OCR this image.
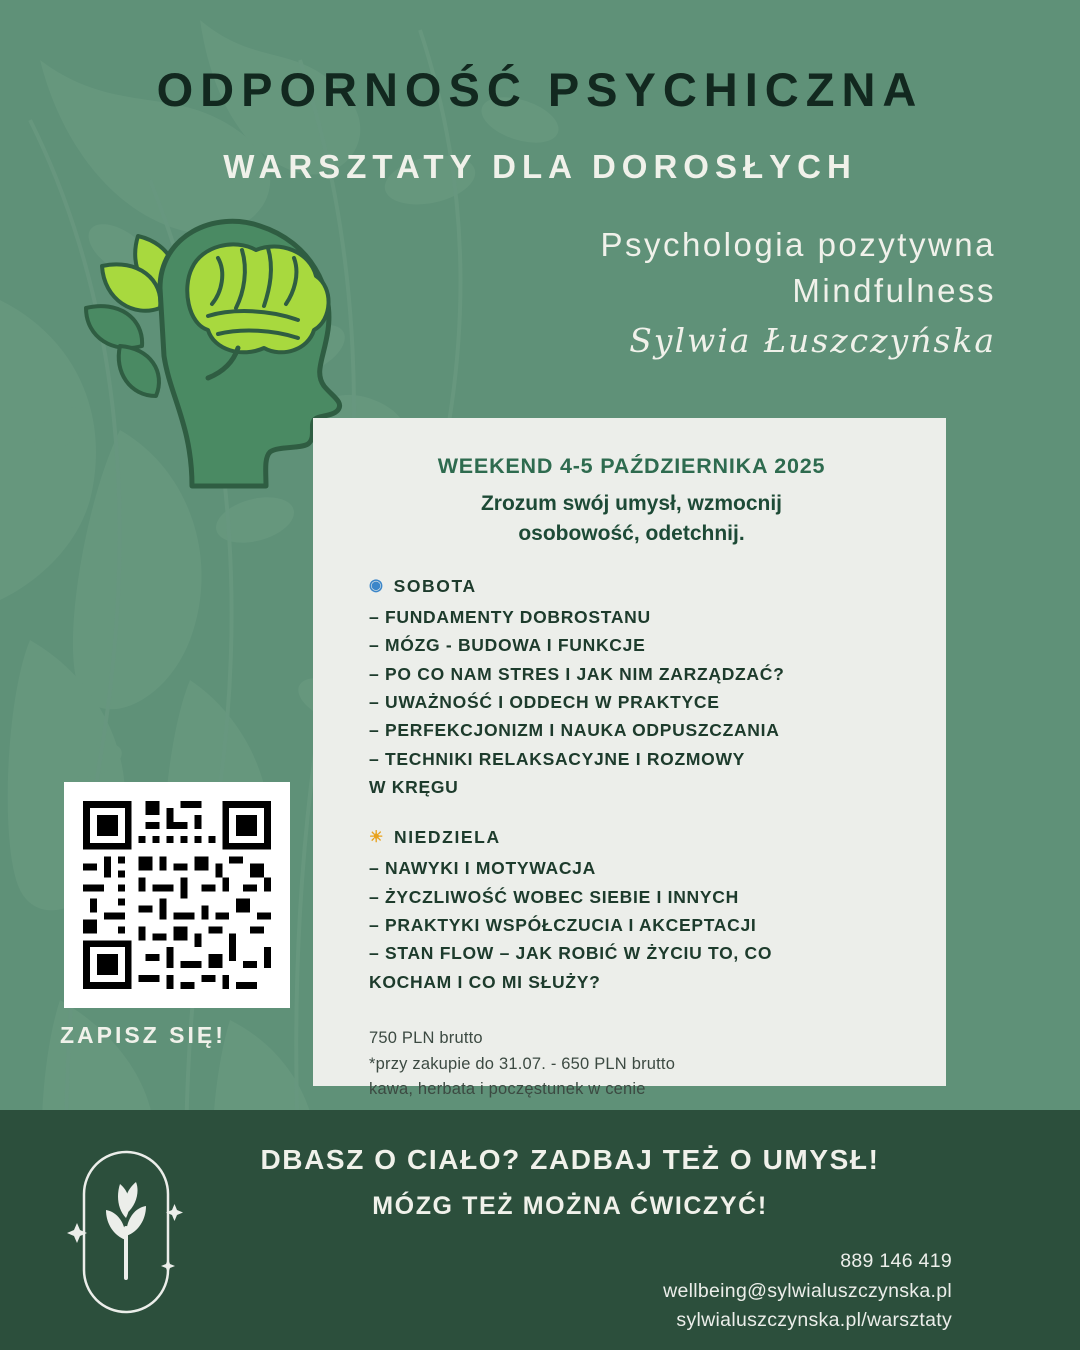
ODPORNOŚĆ PSYCHICZNA
WARSZTATY DLA DOROSŁYCH
Psychologia pozytywna
Mindfulness
Sylwia Łuszczyńska
WEEKEND 4-5 PAŹDZIERNIKA 2025
Zrozum swój umysł, wzmocnij
osobowość, odetchnij.
◉ SOBOTA
– FUNDAMENTY DOBROSTANU
– MÓZG - BUDOWA I FUNKCJE
– PO CO NAM STRES I JAK NIM ZARZĄDZAĆ?
– UWAŻNOŚĆ I ODDECH W PRAKTYCE
– PERFEKCJONIZM I NAUKA ODPUSZCZANIA
– TECHNIKI RELAKSACYJNE I ROZMOWY
W KRĘGU
☀ NIEDZIELA
– NAWYKI I MOTYWACJA
– ŻYCZLIWOŚĆ WOBEC SIEBIE I INNYCH
– PRAKTYKI WSPÓŁCZUCIA I AKCEPTACJI
– STAN FLOW – JAK ROBIĆ W ŻYCIU TO, CO
KOCHAM I CO MI SŁUŻY?
750 PLN brutto
*przy zakupie do 31.07. - 650 PLN brutto
kawa, herbata i poczęstunek w cenie
ZAPISZ SIĘ!
DBASZ O CIAŁO? ZADBAJ TEŻ O UMYSŁ!
MÓZG TEŻ MOŻNA ĆWICZYĆ!
889 146 419
wellbeing@sylwialuszczynska.pl
sylwialuszczynska.pl/warsztaty
